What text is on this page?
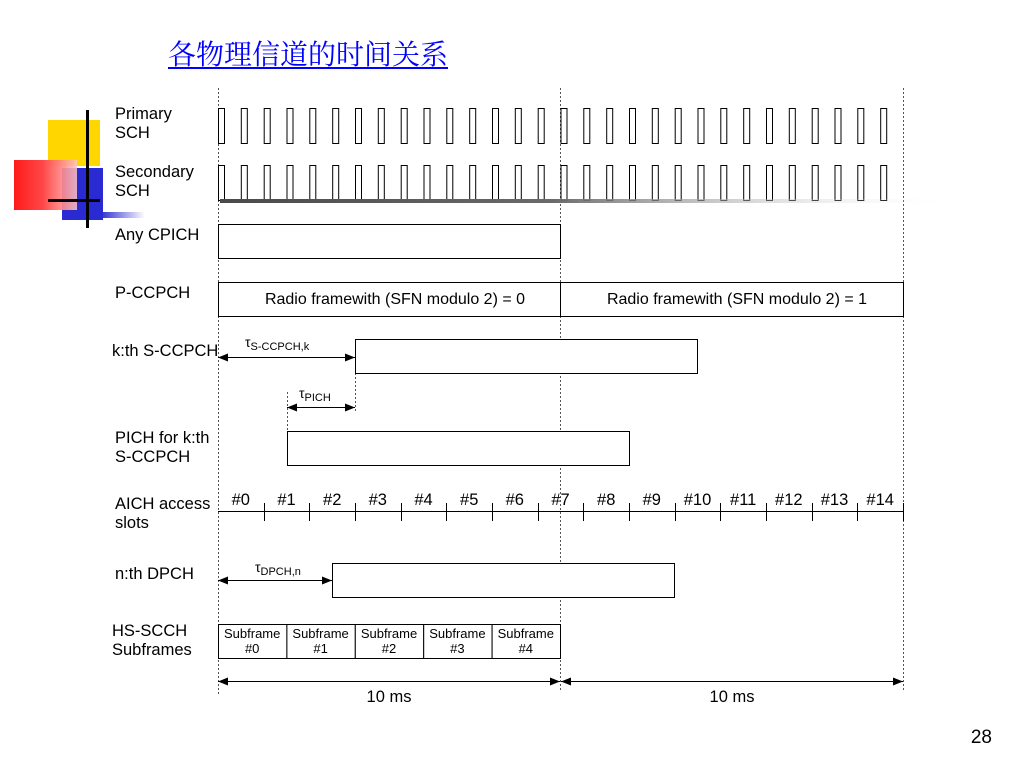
各物理信道的时间关系
Primary
SCH
Secondary
SCH
Any CPICH
P-CCPCH
k:th S-CCPCH
PICH for k:th
S-CCPCH
AICH access
slots
n:th DPCH
HS-SCCH
Subframes
Radio framewith (SFN modulo 2) = 0	Radio framewith (SFN modulo 2) = 1
τS-CCPCH,k
τPICH
#0 #1 #2 #3 #4 #5 #6 #7 #8 #9 #10 #11 #12 #13 #14
τDPCH,n
Subframe
#0
Subframe
#1
Subframe
#2
Subframe
#3
Subframe
#4
10 ms	10 ms
28
